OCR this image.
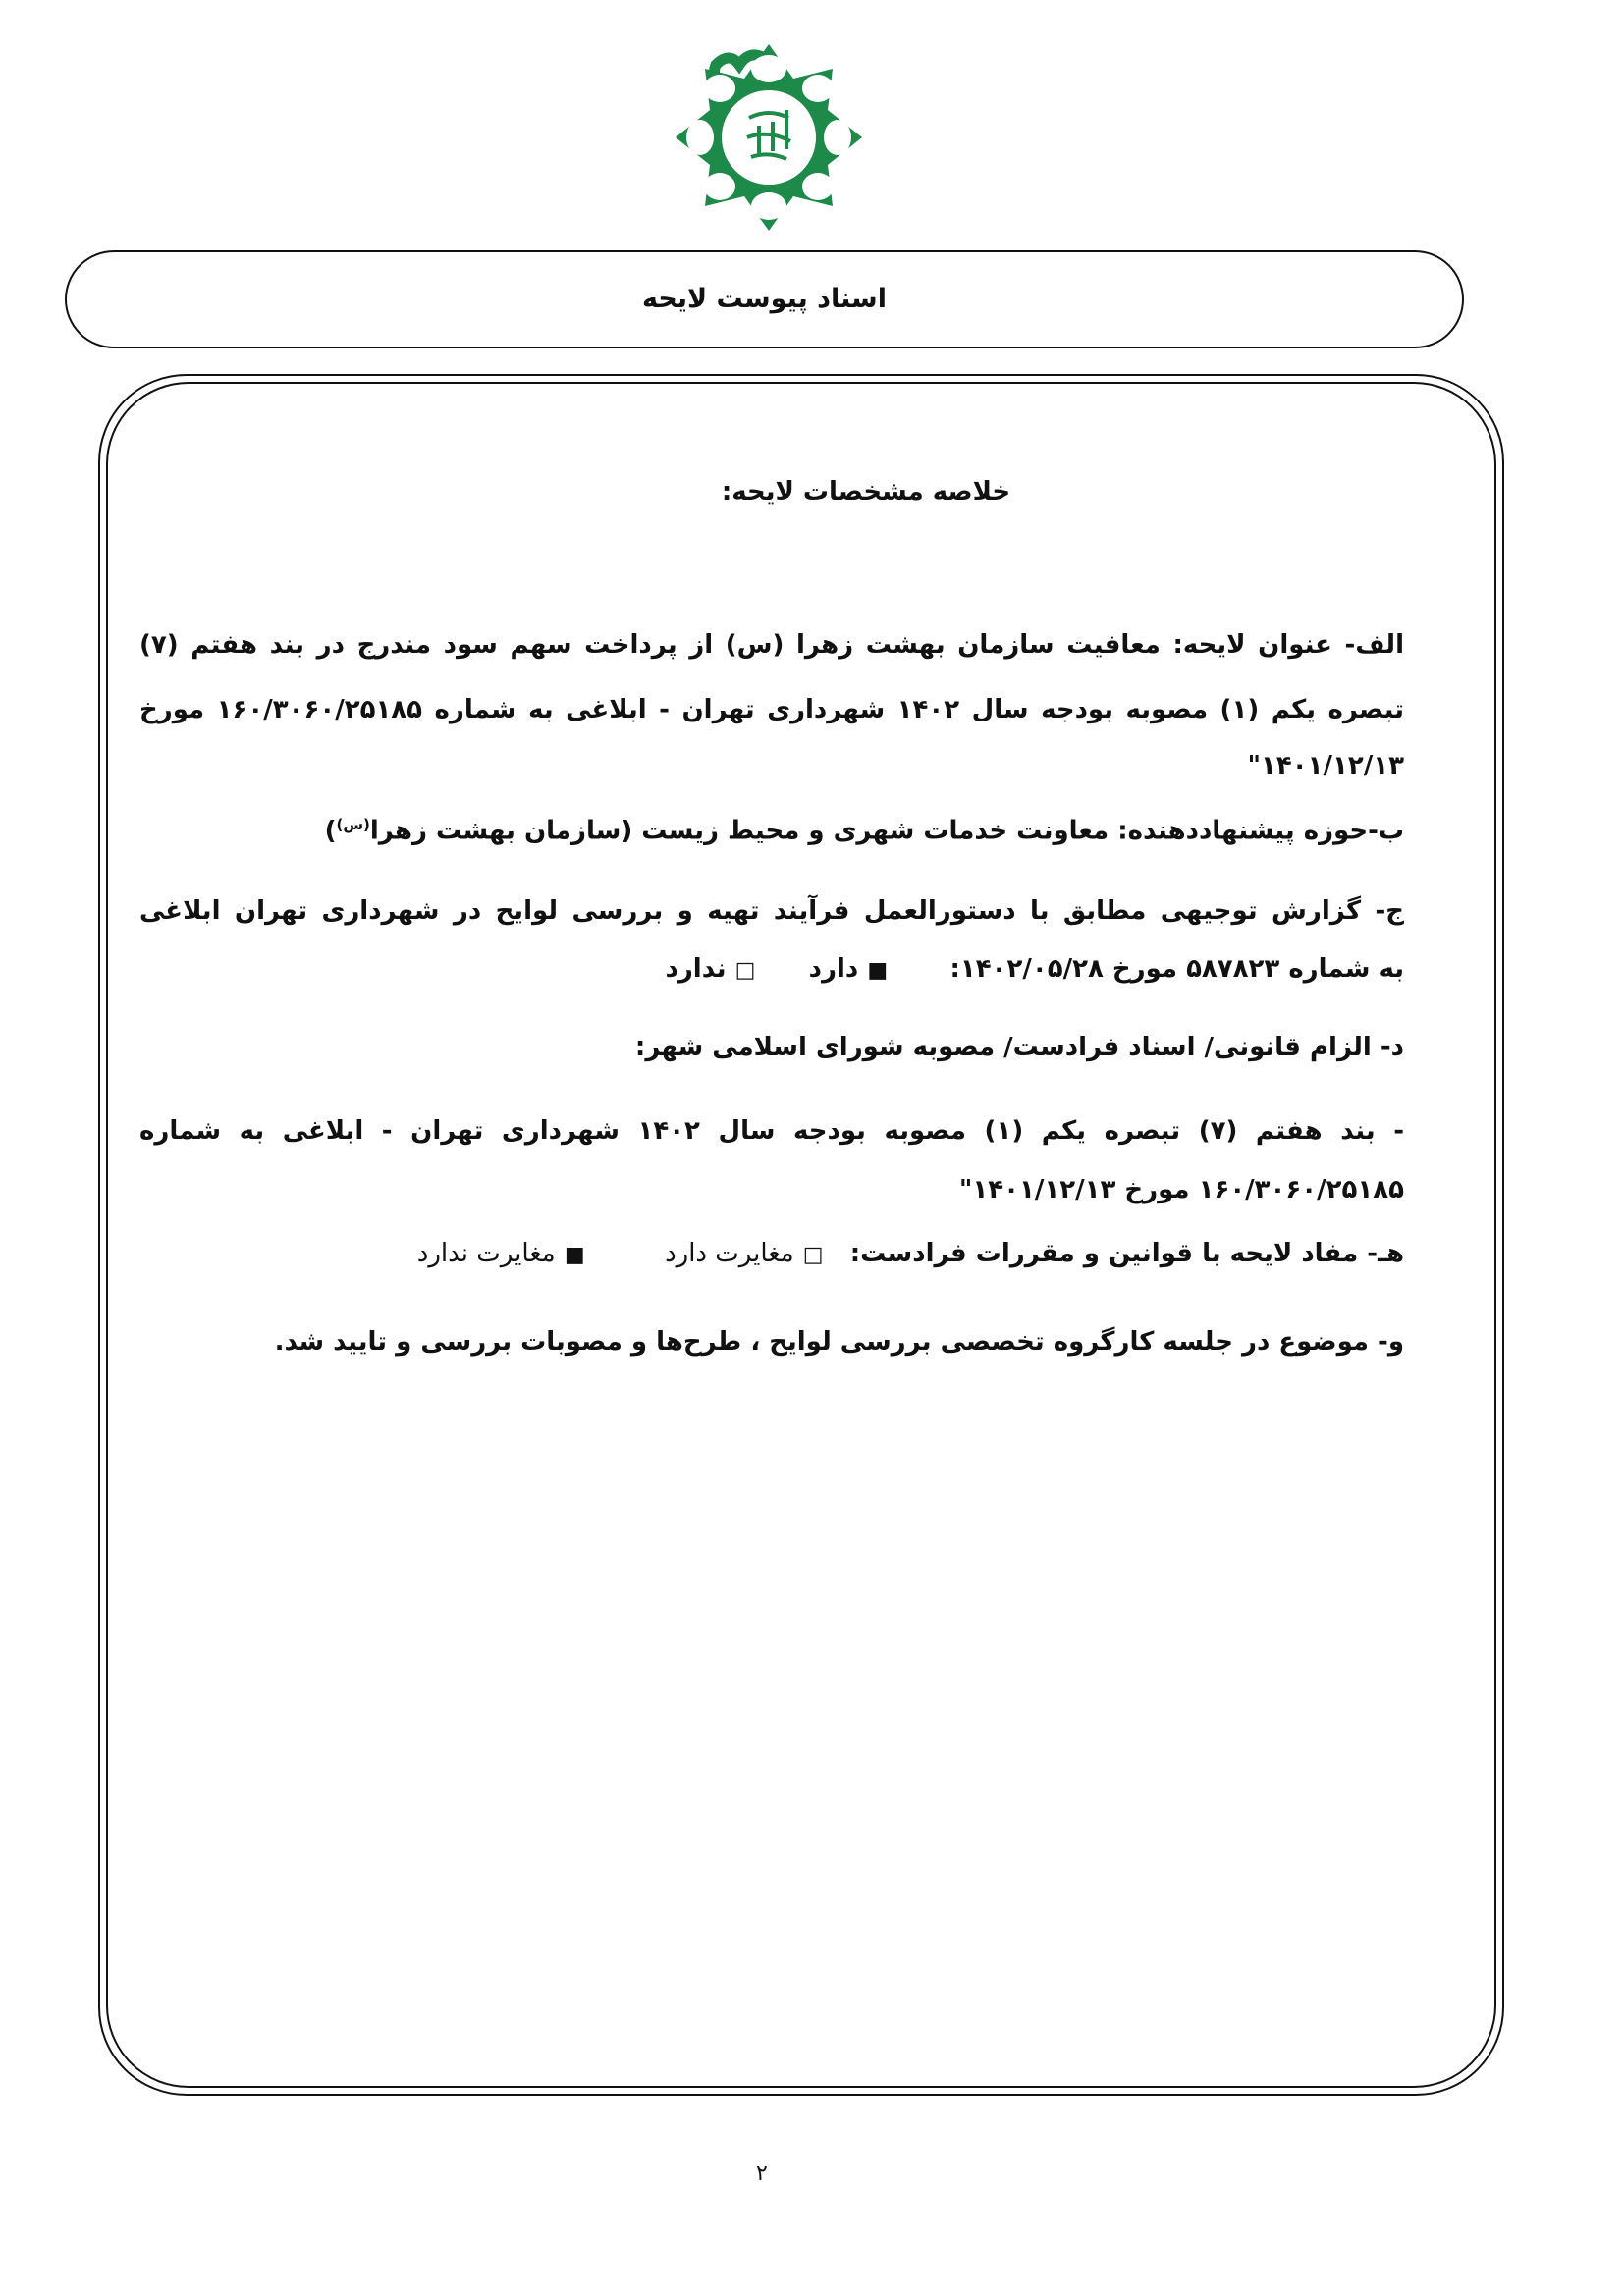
اسناد پیوست لایحه
خلاصه مشخصات لایحه:
الف- عنوان لایحه: معافیت سازمان بهشت زهرا (س) از پرداخت سهم سود مندرج در بند هفتم (۷)
تبصره یکم (۱) مصوبه بودجه سال ۱۴۰۲ شهرداری تهران - ابلاغی به شماره ۱۶۰/۳۰۶۰/۲۵۱۸۵ مورخ
۱۴۰۱/۱۲/۱۳"
ب-حوزه پیشنهاددهنده: معاونت خدمات شهری و محیط زیست (سازمان بهشت زهرا$^{(س)}$)
ج- گزارش توجیهی مطابق با دستورالعمل فرآیند تهیه و بررسی لوایح در شهرداری تهران ابلاغی
به شماره ۵۸۷۸۲۳ مورخ ۱۴۰۲/۰۵/۲۸:       ■ دارد      □ ندارد
د- الزام قانونی/ اسناد فرادست/ مصوبه شورای اسلامی شهر:
- بند هفتم (۷) تبصره یکم (۱) مصوبه بودجه سال ۱۴۰۲ شهرداری تهران - ابلاغی به شماره
۱۶۰/۳۰۶۰/۲۵۱۸۵ مورخ ۱۴۰۱/۱۲/۱۳"
هـ- مفاد لایحه با قوانین و مقررات فرادست:   □ مغایرت دارد         ■ مغایرت ندارد
و- موضوع در جلسه کارگروه تخصصی بررسی لوایح ، طرح‌ها و مصوبات بررسی و تایید شد.
۲
